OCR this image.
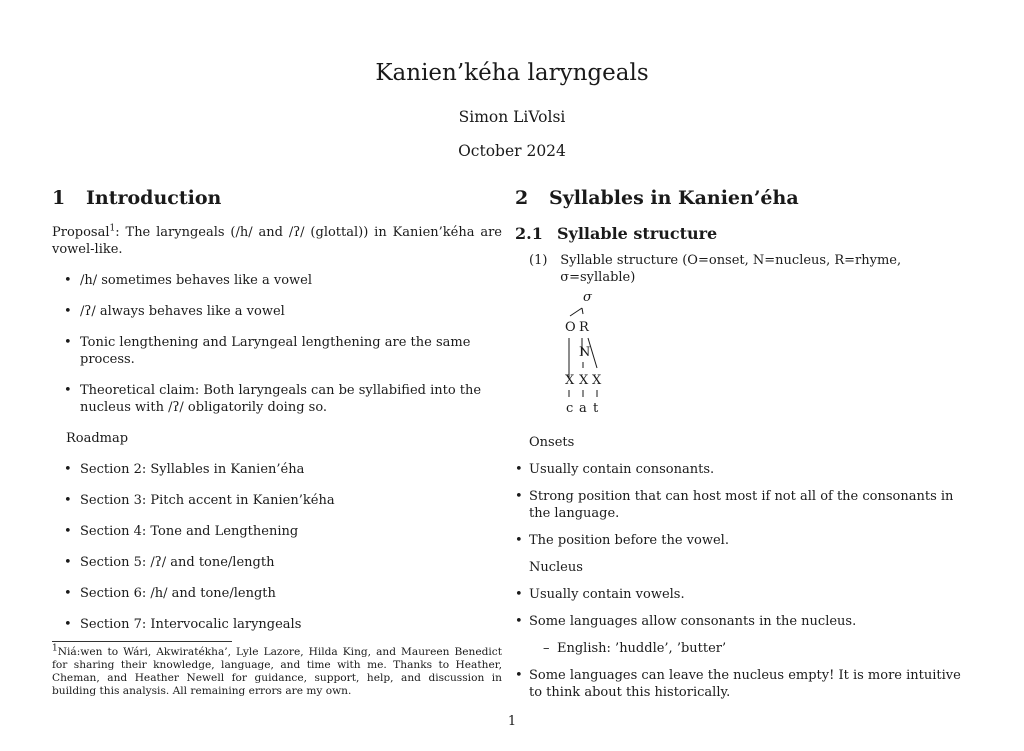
Kanien’kéha laryngeals
Simon LiVolsi
October 2024
1 Introduction

Proposal$^1$: The laryngeals (/h/ and /ʔ/ (glottal)) in Kanien’kéha are vowel-like.

• /h/ sometimes behaves like a vowel
• /ʔ/ always behaves like a vowel
• Tonic lengthening and Laryngeal lengthening are the same process.
• Theoretical claim: Both laryngeals can be syllabified into the nucleus with /ʔ/ obligatorily doing so.

Roadmap

• Section 2: Syllables in Kanien’éha
• Section 3: Pitch accent in Kanien’kéha
• Section 4: Tone and Lengthening
• Section 5: /ʔ/ and tone/length
• Section 6: /h/ and tone/length
• Section 7: Intervocalic laryngeals

$^1$Niá:wen to Wári, Akwiratékha’, Lyle Lazore, Hilda King, and Maureen Benedict for sharing their knowledge, language, and time with me. Thanks to Heather, Cheman, and Heather Newell for guidance, support, help, and discussion in building this analysis. All remaining errors are my own.

2 Syllables in Kanien’éha
2.1 Syllable structure
(1) Syllable structure (O=onset, N=nucleus, R=rhyme, σ=syllable)
σ
O R
N
X X X
c a t

Onsets

• Usually contain consonants.
• Strong position that can host most if not all of the consonants in the language.
• The position before the vowel.

Nucleus

• Usually contain vowels.
• Some languages allow consonants in the nucleus.
– English: ’huddle’, ’butter’
• Some languages can leave the nucleus empty! It is more intuitive to think about this historically.
1
